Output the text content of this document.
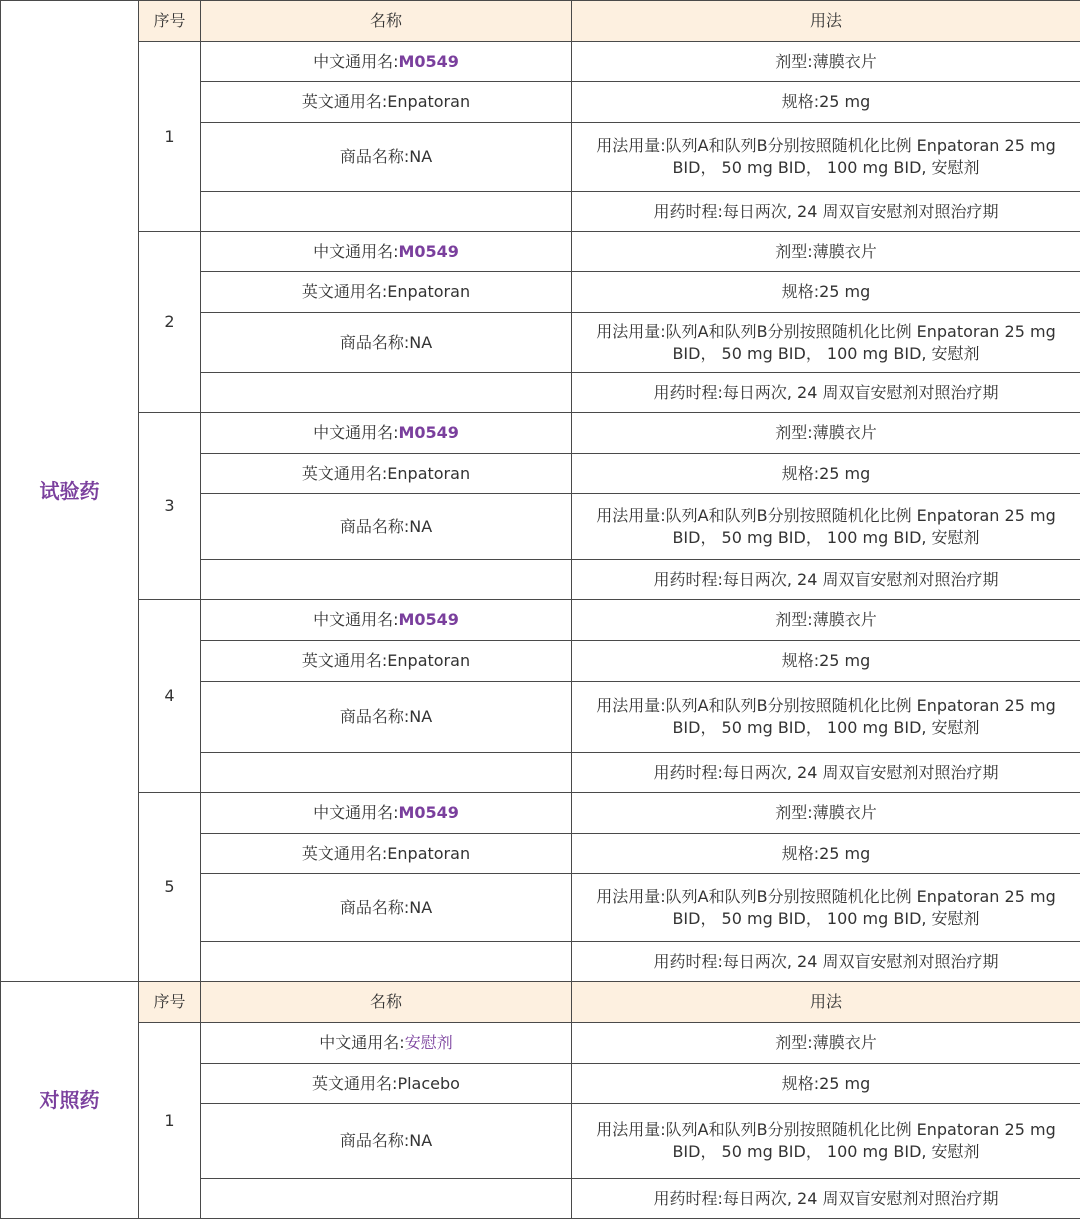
试验药	序号	名称	用法
	1	中文通用名:M0549	剂型:薄膜衣片
		英文通用名:Enpatoran	规格:25 mg
		商品名称:NA	用法用量:队列A和队列B分别按照随机化比例 Enpatoran 25 mg
BID， 50 mg BID， 100 mg BID, 安慰剂

			用药时程:每日两次, 24 周双盲安慰剂对照治疗期
	2	中文通用名:M0549	剂型:薄膜衣片
		英文通用名:Enpatoran	规格:25 mg
		商品名称:NA	用法用量:队列A和队列B分别按照随机化比例 Enpatoran 25 mg
BID， 50 mg BID， 100 mg BID, 安慰剂

			用药时程:每日两次, 24 周双盲安慰剂对照治疗期
	3	中文通用名:M0549	剂型:薄膜衣片
		英文通用名:Enpatoran	规格:25 mg
		商品名称:NA	用法用量:队列A和队列B分别按照随机化比例 Enpatoran 25 mg
BID， 50 mg BID， 100 mg BID, 安慰剂

			用药时程:每日两次, 24 周双盲安慰剂对照治疗期
	4	中文通用名:M0549	剂型:薄膜衣片
		英文通用名:Enpatoran	规格:25 mg
		商品名称:NA	用法用量:队列A和队列B分别按照随机化比例 Enpatoran 25 mg
BID， 50 mg BID， 100 mg BID, 安慰剂

			用药时程:每日两次, 24 周双盲安慰剂对照治疗期
	5	中文通用名:M0549	剂型:薄膜衣片
		英文通用名:Enpatoran	规格:25 mg
		商品名称:NA	用法用量:队列A和队列B分别按照随机化比例 Enpatoran 25 mg
BID， 50 mg BID， 100 mg BID, 安慰剂

			用药时程:每日两次, 24 周双盲安慰剂对照治疗期
对照药	序号	名称	用法
	1	中文通用名:安慰剂	剂型:薄膜衣片
		英文通用名:Placebo	规格:25 mg
		商品名称:NA	用法用量:队列A和队列B分别按照随机化比例 Enpatoran 25 mg
BID， 50 mg BID， 100 mg BID, 安慰剂

			用药时程:每日两次, 24 周双盲安慰剂对照治疗期
